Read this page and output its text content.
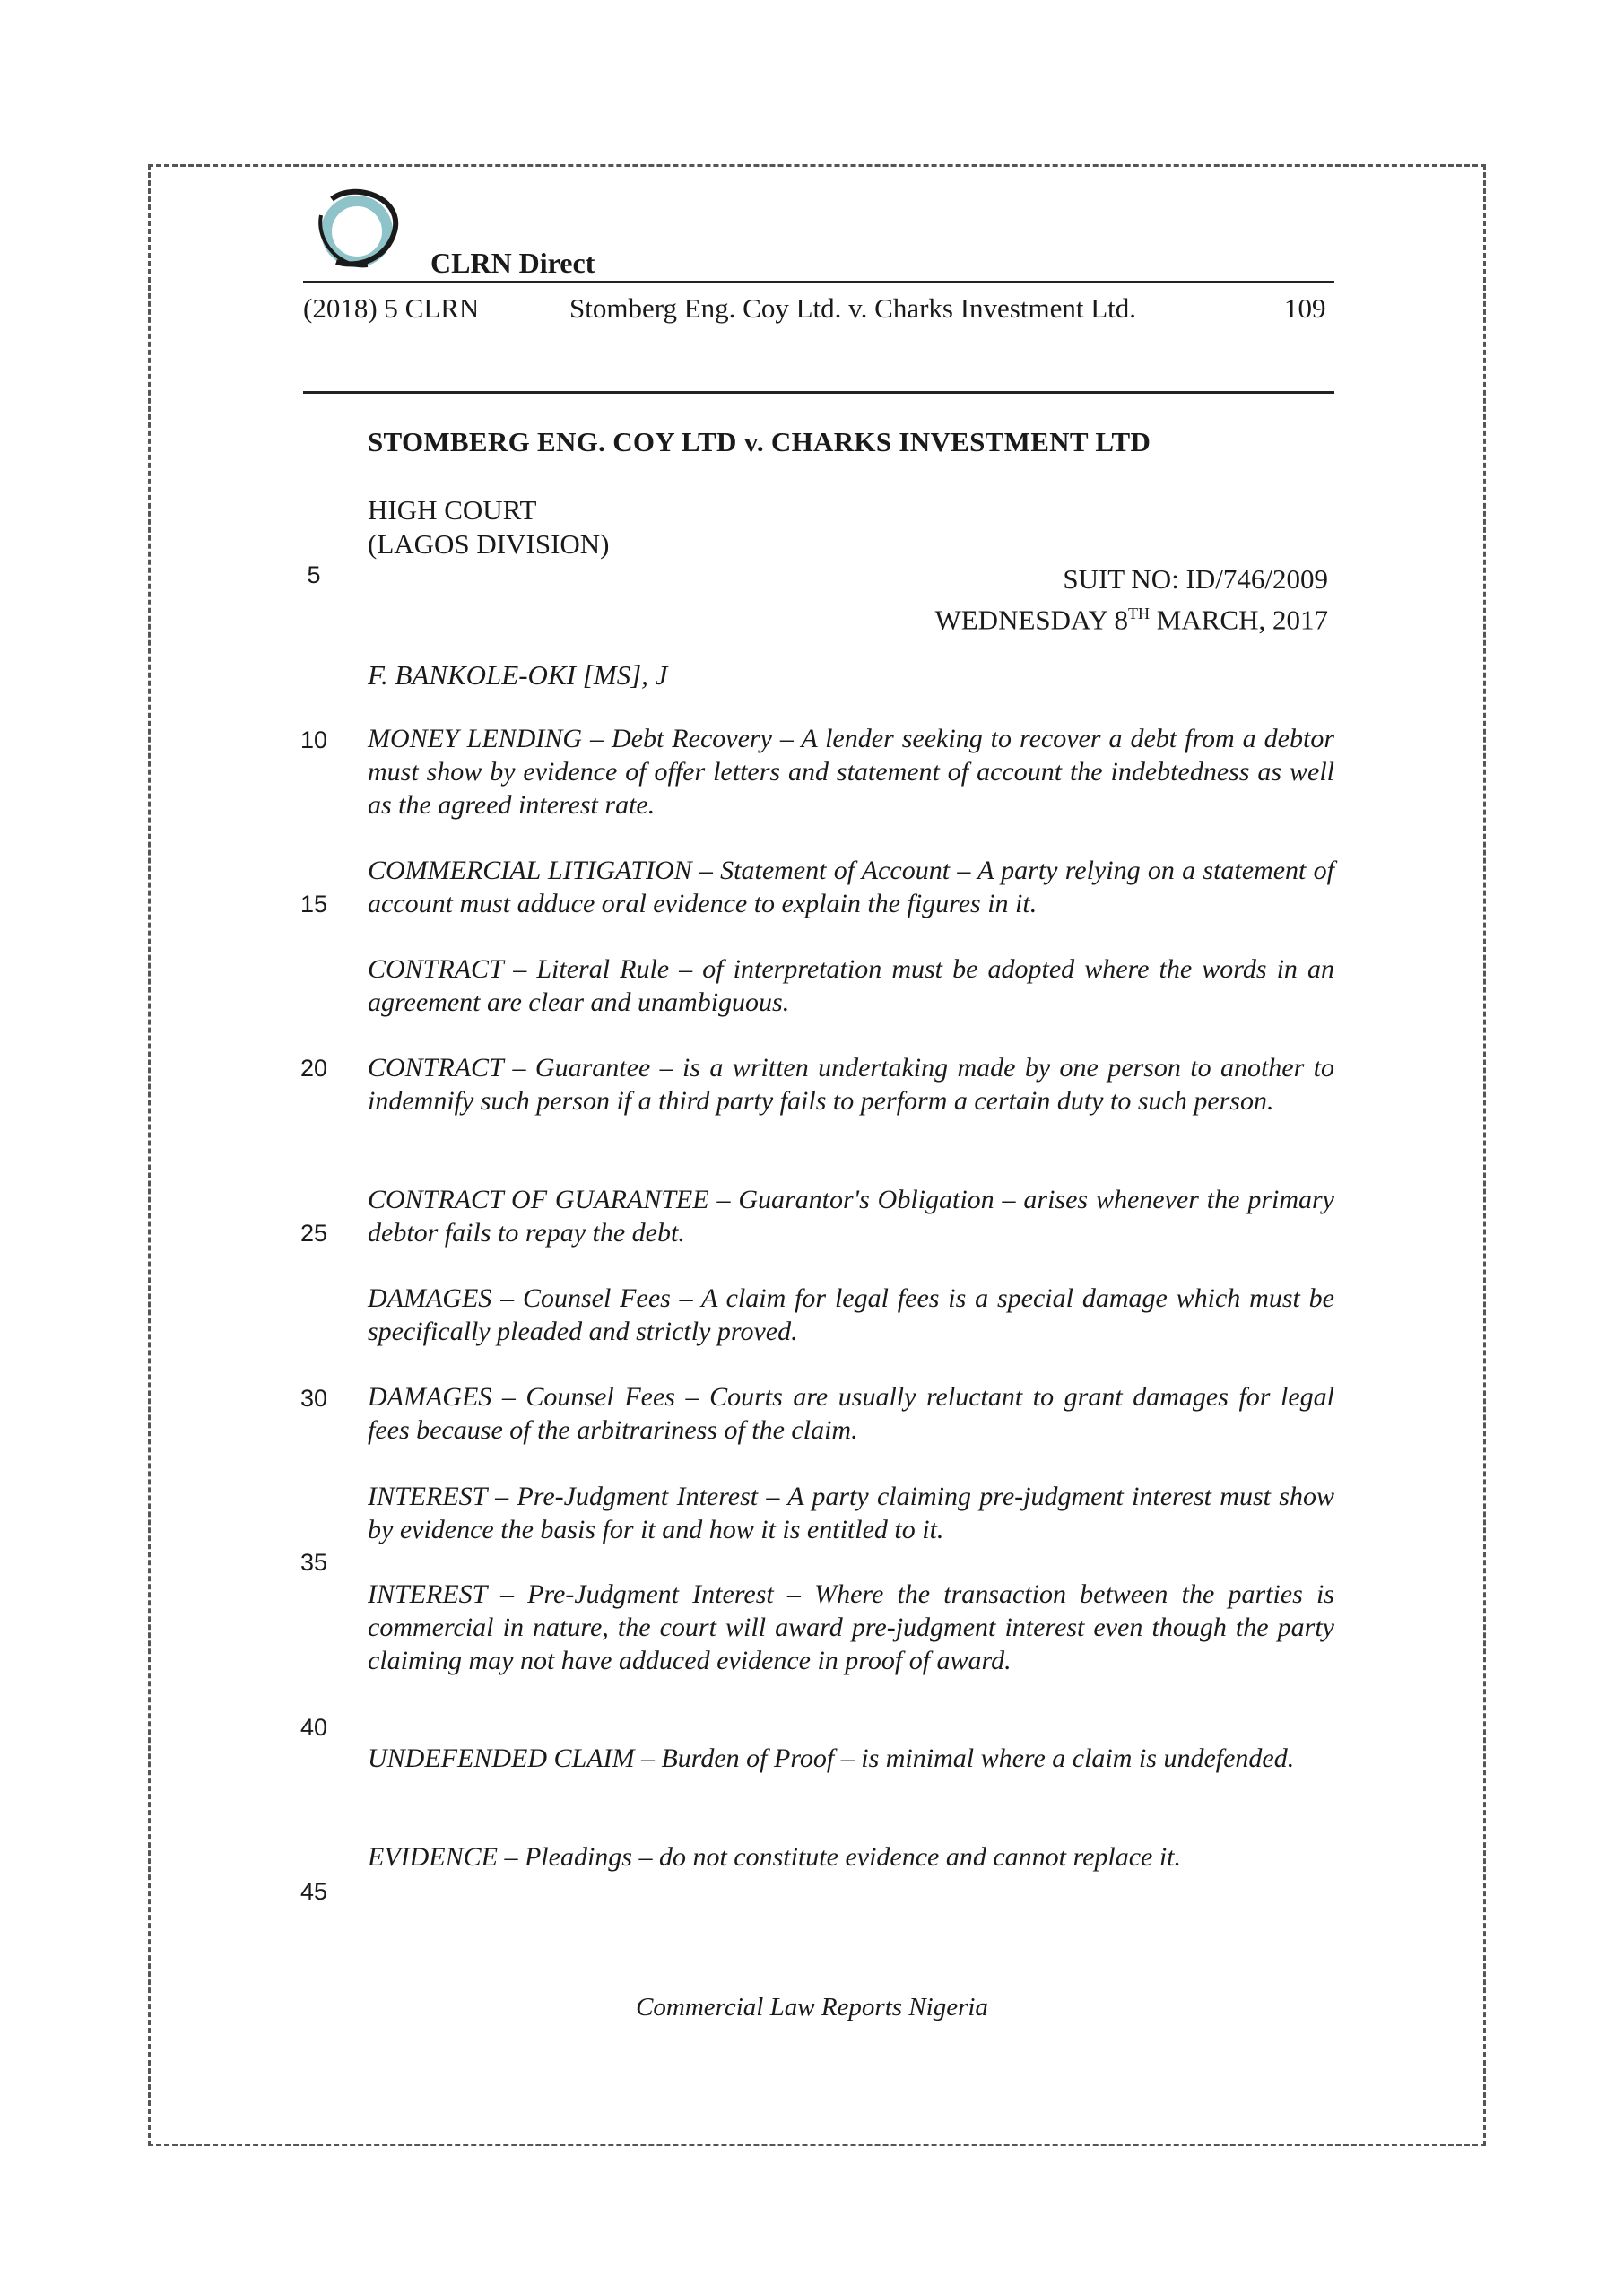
CLRN Direct
(2018) 5 CLRN	Stomberg Eng. Coy Ltd. v. Charks Investment Ltd.	109
STOMBERG ENG. COY LTD v. CHARKS INVESTMENT LTD
HIGH COURT
(LAGOS DIVISION)
SUIT NO: ID/746/2009
WEDNESDAY 8TH MARCH, 2017
F. BANKOLE-OKI [MS], J
5
10
15
20
25
30
35
40
45
MONEY LENDING – Debt Recovery – A lender seeking to recover a debt from a debtor must show by evidence of offer letters and statement of account the indebtedness as well as the agreed interest rate.
COMMERCIAL LITIGATION – Statement of Account – A party relying on a statement of account must adduce oral evidence to explain the figures in it.
CONTRACT – Literal Rule – of interpretation must be adopted where the words in an agreement are clear and unambiguous.
CONTRACT – Guarantee – is a written undertaking made by one person to another to indemnify such person if a third party fails to perform a certain duty to such person.
CONTRACT OF GUARANTEE – Guarantor's Obligation – arises whenever the primary debtor fails to repay the debt.
DAMAGES – Counsel Fees – A claim for legal fees is a special damage which must be specifically pleaded and strictly proved.
DAMAGES – Counsel Fees – Courts are usually reluctant to grant damages for legal fees because of the arbitrariness of the claim.
INTEREST – Pre-Judgment Interest – A party claiming pre-judgment interest must show by evidence the basis for it and how it is entitled to it.
INTEREST – Pre-Judgment Interest – Where the transaction between the parties is commercial in nature, the court will award pre-judgment interest even though the party claiming may not have adduced evidence in proof of award.
UNDEFENDED CLAIM – Burden of Proof – is minimal where a claim is undefended.
EVIDENCE – Pleadings – do not constitute evidence and cannot replace it.
Commercial Law Reports Nigeria
